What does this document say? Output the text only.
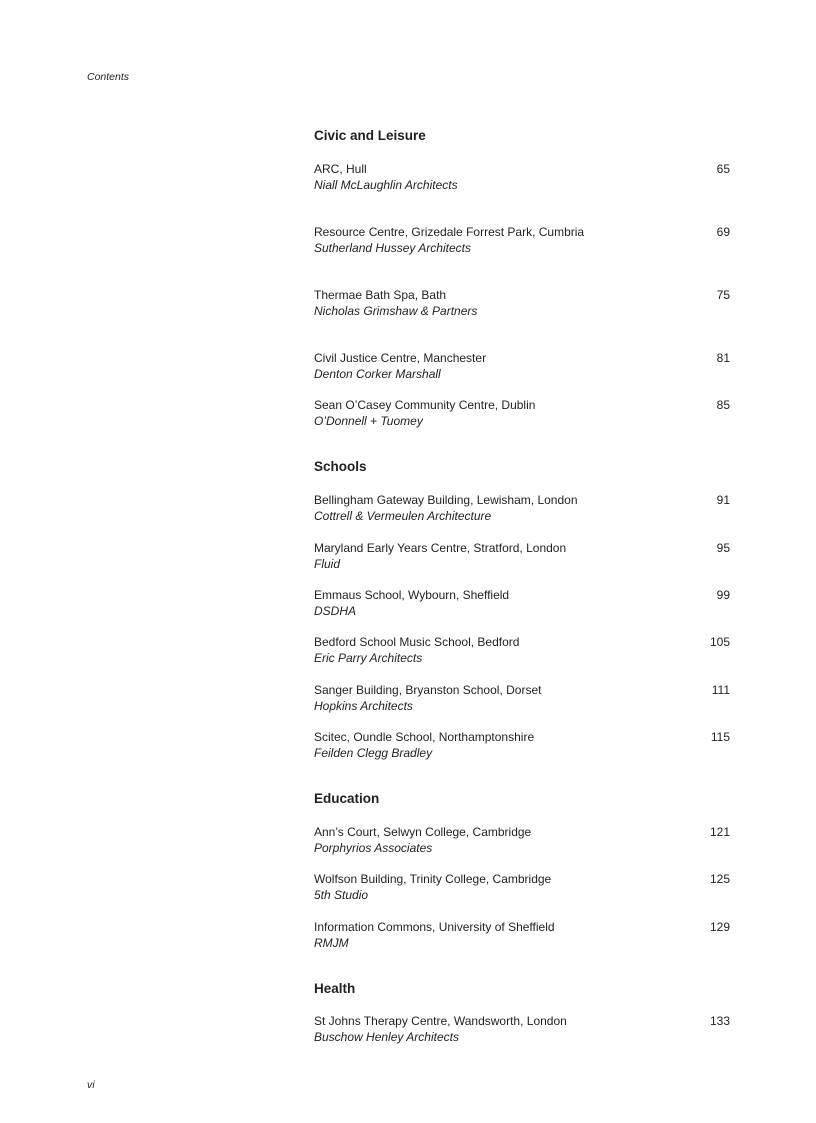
Contents
Civic and Leisure
ARC, Hull
Niall McLaughlin Architects
65
Resource Centre, Grizedale Forrest Park, Cumbria
Sutherland Hussey Architects
69
Thermae Bath Spa, Bath
Nicholas Grimshaw & Partners
75
Civil Justice Centre, Manchester
Denton Corker Marshall
81
Sean O’Casey Community Centre, Dublin
O’Donnell + Tuomey
85
Schools
Bellingham Gateway Building, Lewisham, London
Cottrell & Vermeulen Architecture
91
Maryland Early Years Centre, Stratford, London
Fluid
95
Emmaus School, Wybourn, Sheffield
DSDHA
99
Bedford School Music School, Bedford
Eric Parry Architects
105
Sanger Building, Bryanston School, Dorset
Hopkins Architects
111
Scitec, Oundle School, Northamptonshire
Feilden Clegg Bradley
115
Education
Ann’s Court, Selwyn College, Cambridge
Porphyrios Associates
121
Wolfson Building, Trinity College, Cambridge
5th Studio
125
Information Commons, University of Sheffield
RMJM
129
Health
St Johns Therapy Centre, Wandsworth, London
Buschow Henley Architects
133
vi
